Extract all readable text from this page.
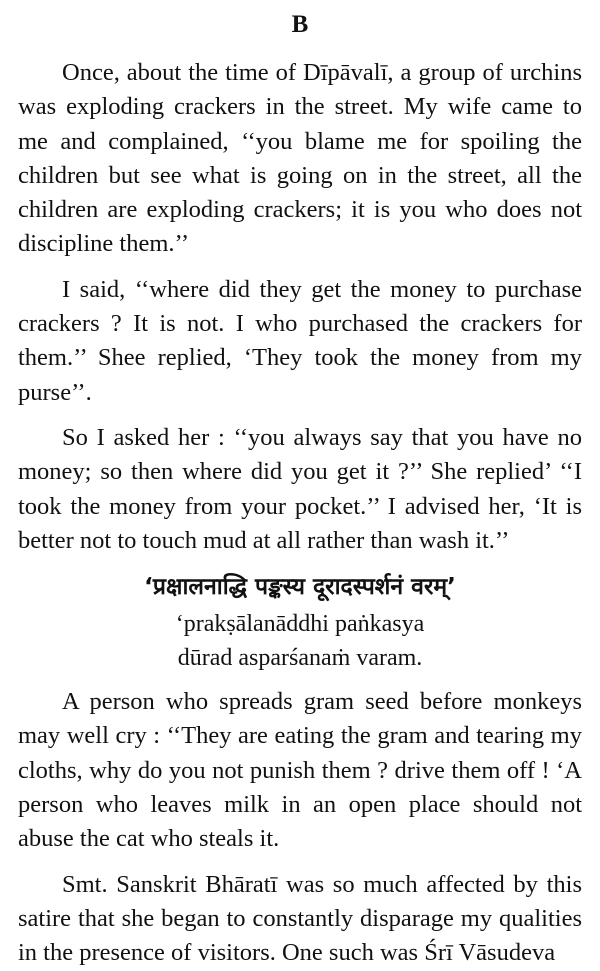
B

Once, about the time of Dīpāvalī, a group of urchins was exploding crackers in the street. My wife came to me and complained, ‘‘you blame me for spoiling the children but see what is going on in the street, all the children are exploding crackers; it is you who does not discipline them.’’

I said, ‘‘where did they get the money to purchase crackers ? It is not. I who purchased the crackers for them.’’ Shee replied, ‘They took the money from my purse’’.

So I asked her : ‘‘you always say that you have no money; so then where did you get it ?’’ She replied’ ‘‘I took the money from your pocket.’’ I advised her, ‘It is better not to touch mud at all rather than wash it.’’

‘प्रक्षालनाद्धि पङ्कस्य दूरादस्पर्शनं वरम्’
‘prakṣālanāddhi paṅkasya
dūrad asparśanaṁ varam.

A person who spreads gram seed before monkeys may well cry : ‘‘They are eating the gram and tearing my cloths, why do you not punish them ? drive them off ! ‘A person who leaves milk in an open place should not abuse the cat who steals it.

Smt. Sanskrit Bhāratī was so much affected by this satire that she began to constantly disparage my qualities in the presence of visitors. One such was Śrī Vāsudeva
